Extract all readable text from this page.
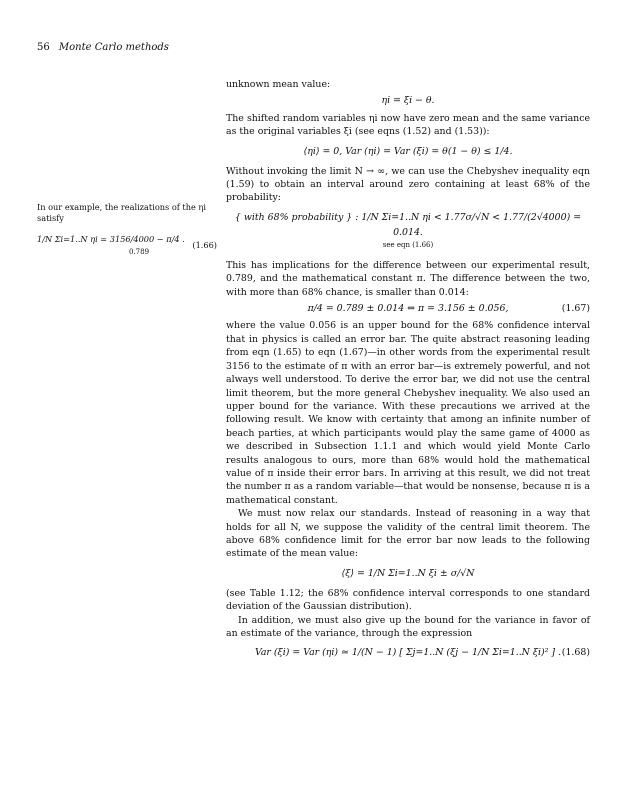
56 Monte Carlo methods
In our example, the realizations of the ηi satisfy
1/N Σi=1..N ηi = 3156/4000 − π/4 .
(1.66)
0.789

unknown mean value:

ηi = ξi − θ.

The shifted random variables ηi now have zero mean and the same variance as the original variables ξi (see eqns (1.52) and (1.53)):

⟨ηi⟩ = 0, Var (ηi) = Var (ξi) = θ(1 − θ) ≤ 1/4.

Without invoking the limit N → ∞, we can use the Chebyshev inequality eqn (1.59) to obtain an interval around zero containing at least 68% of the probability:

{ with 68% probability } : 1/N Σi=1..N ηi < 1.77σ/√N < 1.77/(2√4000) = 0.014.
see eqn (1.66)

This has implications for the difference between our experimental result, 0.789, and the mathematical constant π. The difference between the two, with more than 68% chance, is smaller than 0.014:

π/4 = 0.789 ± 0.014 ⇔ π = 3.156 ± 0.056,	(1.67)

where the value 0.056 is an upper bound for the 68% confidence interval that in physics is called an error bar. The quite abstract reasoning leading from eqn (1.65) to eqn (1.67)—in other words from the experimental result 3156 to the estimate of π with an error bar—is extremely powerful, and not always well understood. To derive the error bar, we did not use the central limit theorem, but the more general Chebyshev inequality. We also used an upper bound for the variance. With these precautions we arrived at the following result. We know with certainty that among an infinite number of beach parties, at which participants would play the same game of 4000 as we described in Subsection 1.1.1 and which would yield Monte Carlo results analogous to ours, more than 68% would hold the mathematical value of π inside their error bars. In arriving at this result, we did not treat the number π as a random variable—that would be nonsense, because π is a mathematical constant.

We must now relax our standards. Instead of reasoning in a way that holds for all N, we suppose the validity of the central limit theorem. The above 68% confidence limit for the error bar now leads to the following estimate of the mean value:

⟨ξ⟩ = 1/N Σi=1..N ξi ± σ/√N

(see Table 1.12; the 68% confidence interval corresponds to one standard deviation of the Gaussian distribution).

In addition, we must also give up the bound for the variance in favor of an estimate of the variance, through the expression

Var (ξi) = Var (ηi) ≃ 1/(N − 1) [ Σj=1..N (ξj − 1/N Σi=1..N ξi)² ] . (1.68)
